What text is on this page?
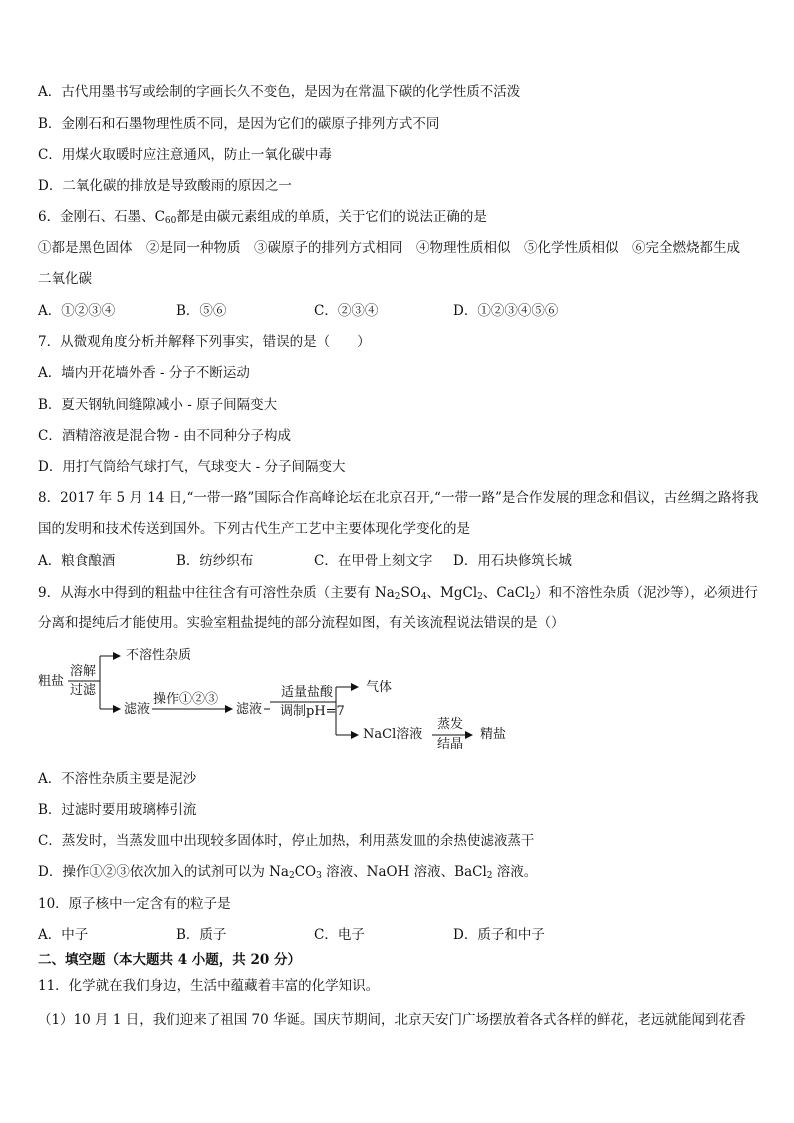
A．古代用墨书写或绘制的字画长久不变色，是因为在常温下碳的化学性质不活泼
B．金刚石和石墨物理性质不同，是因为它们的碳原子排列方式不同
C．用煤火取暖时应注意通风，防止一氧化碳中毒
D．二氧化碳的排放是导致酸雨的原因之一
6．金刚石、石墨、$C_{60}$都是由碳元素组成的单质，关于它们的说法正确的是
①都是黑色固体　②是同一种物质　③碳原子的排列方式相同　④物理性质相似　⑤化学性质相似　⑥完全燃烧都生成
二氧化碳
A．①②③④	B．⑤⑥	C．②③④	D．①②③④⑤⑥
7．从微观角度分析并解释下列事实，错误的是（　　）
A．墙内开花墙外香 - 分子不断运动
B．夏天钢轨间缝隙减小 - 原子间隔变大
C．酒精溶液是混合物 - 由不同种分子构成
D．用打气筒给气球打气，气球变大 - 分子间隔变大
8．2017 年 5 月 14 日,“一带一路”国际合作高峰论坛在北京召开,“一带一路”是合作发展的理念和倡议，古丝绸之路将我
国的发明和技术传送到国外。下列古代生产工艺中主要体现化学变化的是
A．粮食酿酒	B．纺纱织布	C．在甲骨上刻文字 D．用石块修筑长城
9．从海水中得到的粗盐中往往含有可溶性杂质（主要有 $Na_2SO_4$、MgCl$_2$、CaCl$_2$）和不溶性杂质（泥沙等），必须进行
分离和提纯后才能使用。实验室粗盐提纯的部分流程如图，有关该流程说法错误的是（）
粗盐
溶解
过滤
不溶性杂质
滤液
操作①②③
滤液
适量盐酸
调制pH=7
气体
NaCl溶液
蒸发
结晶
精盐
A．不溶性杂质主要是泥沙
B．过滤时要用玻璃棒引流
C．蒸发时，当蒸发皿中出现较多固体时，停止加热，利用蒸发皿的余热使滤液蒸干
D．操作①②③依次加入的试剂可以为 $Na_2CO_3$ 溶液、NaOH 溶液、BaCl$_2$ 溶液。
10．原子核中一定含有的粒子是
A．中子	B．质子	C．电子	D．质子和中子
二、填空题（本大题共 4 小题，共 20 分）
11．化学就在我们身边，生活中蕴藏着丰富的化学知识。
（1）10 月 1 日，我们迎来了祖国 70 华诞。国庆节期间，北京天安门广场摆放着各式各样的鲜花，老远就能闻到花香
